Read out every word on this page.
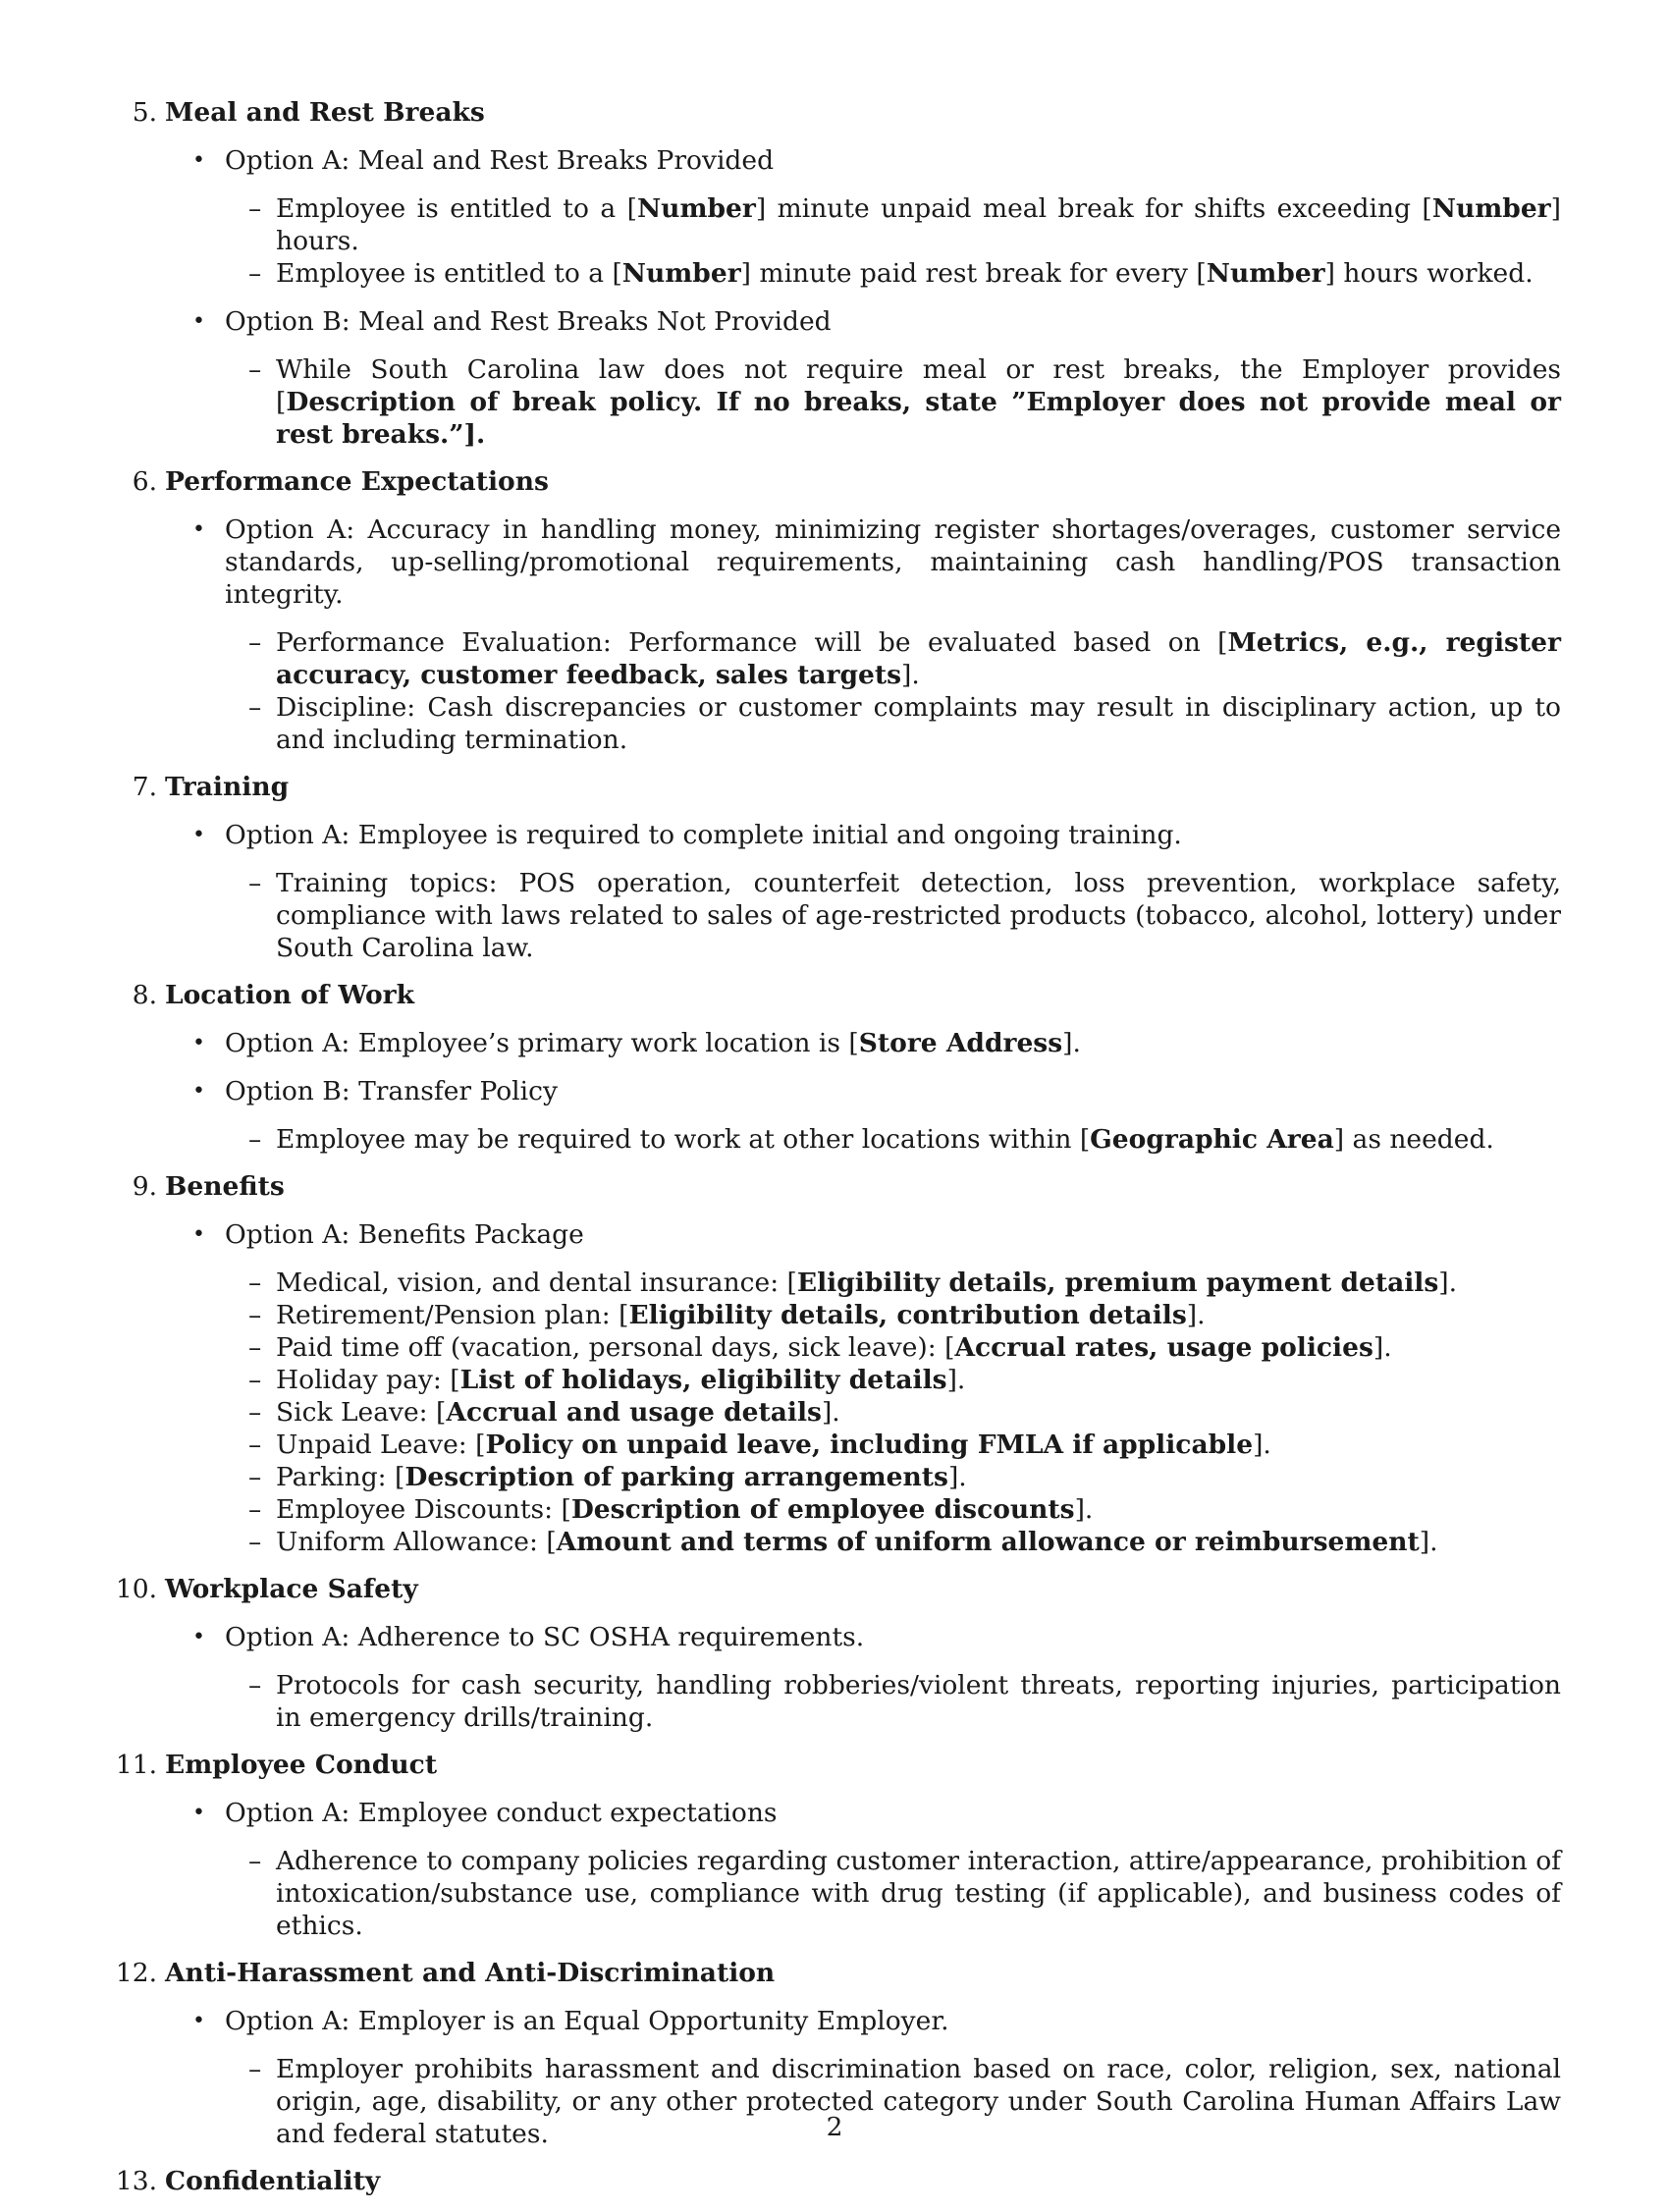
5. Meal and Rest Breaks
• Option A: Meal and Rest Breaks Provided
– Employee is entitled to a [Number] minute unpaid meal break for shifts exceeding [Number] hours.
– Employee is entitled to a [Number] minute paid rest break for every [Number] hours worked.
• Option B: Meal and Rest Breaks Not Provided
– While South Carolina law does not require meal or rest breaks, the Employer provides [Description of break policy. If no breaks, state ”Employer does not provide meal or rest breaks.”].
6. Performance Expectations
• Option A: Accuracy in handling money, minimizing register shortages/overages, customer service standards, up-selling/promotional requirements, maintaining cash handling/POS transaction integrity.
– Performance Evaluation: Performance will be evaluated based on [Metrics, e.g., register accuracy, customer feedback, sales targets].
– Discipline: Cash discrepancies or customer complaints may result in disciplinary action, up to and including termination.
7. Training
• Option A: Employee is required to complete initial and ongoing training.
– Training topics: POS operation, counterfeit detection, loss prevention, workplace safety, compliance with laws related to sales of age-restricted products (tobacco, alcohol, lottery) under South Carolina law.
8. Location of Work
• Option A: Employee’s primary work location is [Store Address].
• Option B: Transfer Policy
– Employee may be required to work at other locations within [Geographic Area] as needed.
9. Benefits
• Option A: Benefits Package
– Medical, vision, and dental insurance: [Eligibility details, premium payment details].
– Retirement/Pension plan: [Eligibility details, contribution details].
– Paid time off (vacation, personal days, sick leave): [Accrual rates, usage policies].
– Holiday pay: [List of holidays, eligibility details].
– Sick Leave: [Accrual and usage details].
– Unpaid Leave: [Policy on unpaid leave, including FMLA if applicable].
– Parking: [Description of parking arrangements].
– Employee Discounts: [Description of employee discounts].
– Uniform Allowance: [Amount and terms of uniform allowance or reimbursement].
10. Workplace Safety
• Option A: Adherence to SC OSHA requirements.
– Protocols for cash security, handling robberies/violent threats, reporting injuries, participation in emergency drills/training.
11. Employee Conduct
• Option A: Employee conduct expectations
– Adherence to company policies regarding customer interaction, attire/appearance, prohibition of intoxication/substance use, compliance with drug testing (if applicable), and business codes of ethics.
12. Anti-Harassment and Anti-Discrimination
• Option A: Employer is an Equal Opportunity Employer.
– Employer prohibits harassment and discrimination based on race, color, religion, sex, national origin, age, disability, or any other protected category under South Carolina Human Affairs Law and federal statutes.
13. Confidentiality
2
